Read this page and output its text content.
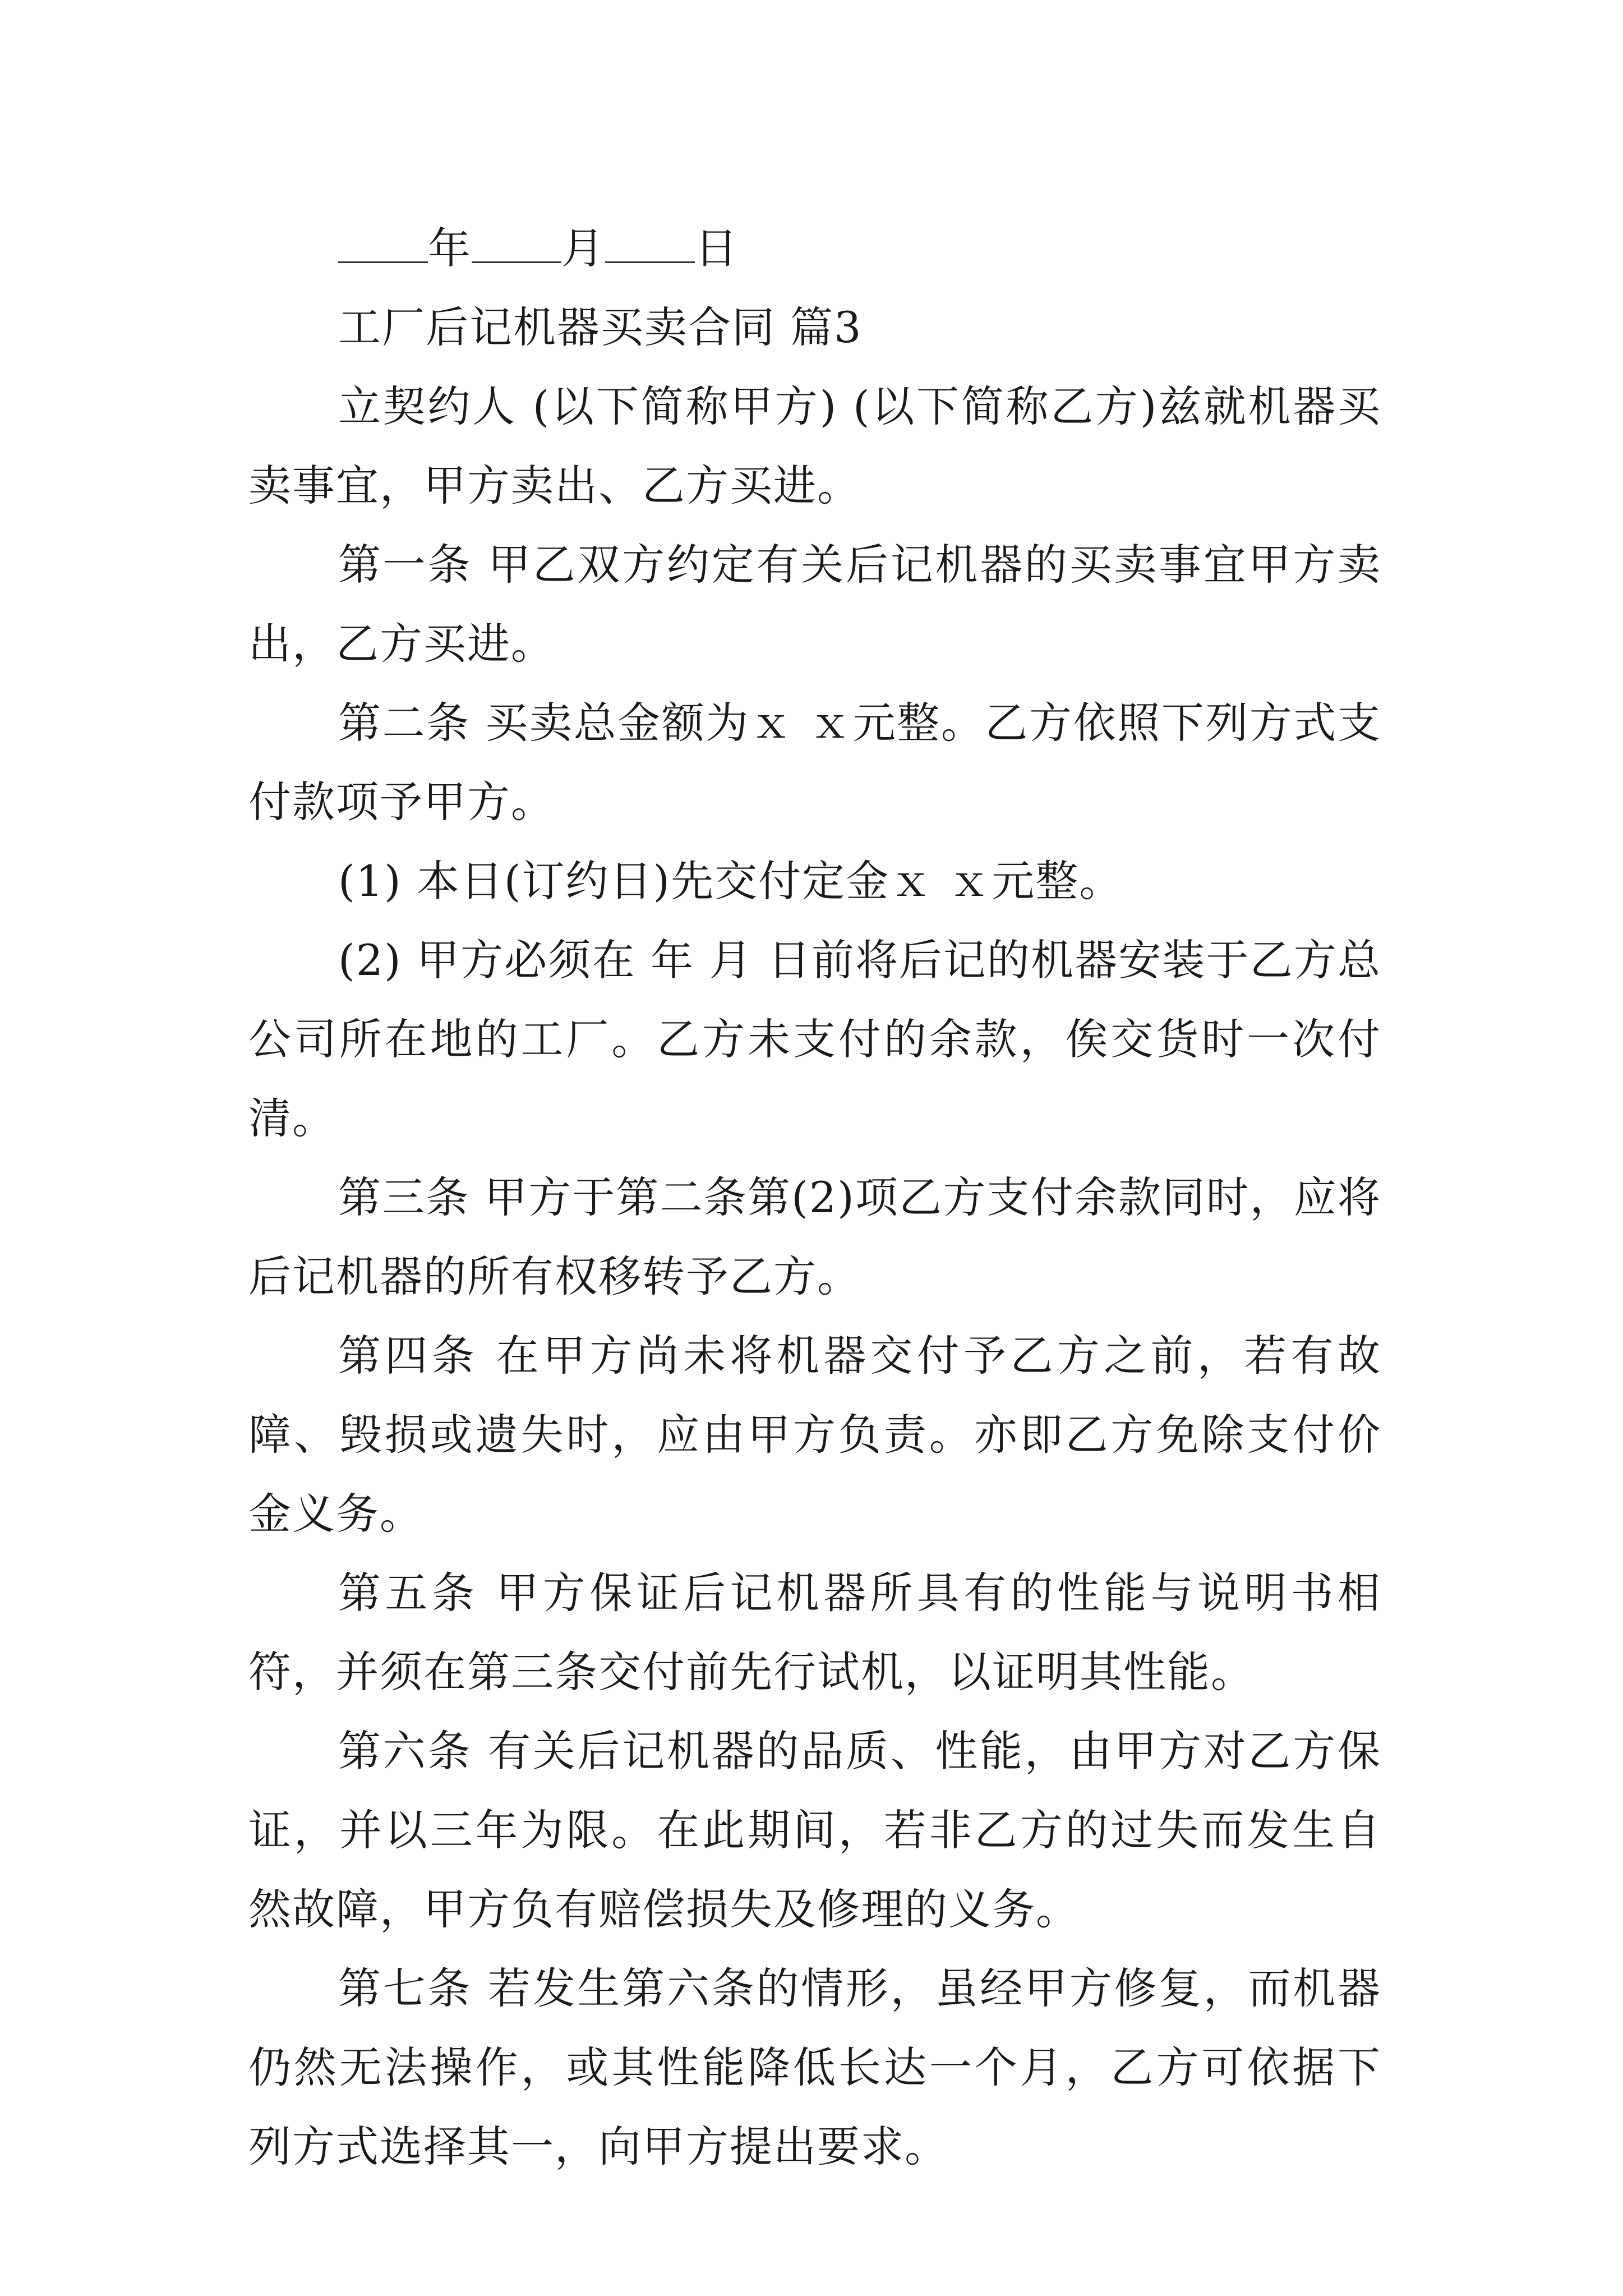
年 月 日

工厂后记机器买卖合同 篇3

立契约人 (以下简称甲方) (以下简称乙方)兹就机器买卖事宜，甲方卖出、乙方买进。

第一条 甲乙双方约定有关后记机器的买卖事宜甲方卖出，乙方买进。

第二条 买卖总金额为ｘ ｘ元整。乙方依照下列方式支付款项予甲方。

(1) 本日(订约日)先交付定金ｘ ｘ元整。

(2) 甲方必须在 年 月 日前将后记的机器安装于乙方总公司所在地的工厂。乙方未支付的余款，俟交货时一次付清。

第三条 甲方于第二条第(2)项乙方支付余款同时，应将后记机器的所有权移转予乙方。

第四条 在甲方尚未将机器交付予乙方之前，若有故障、毁损或遗失时，应由甲方负责。亦即乙方免除支付价金义务。

第五条 甲方保证后记机器所具有的性能与说明书相符，并须在第三条交付前先行试机，以证明其性能。

第六条 有关后记机器的品质、性能，由甲方对乙方保证，并以三年为限。在此期间，若非乙方的过失而发生自然故障，甲方负有赔偿损失及修理的义务。

第七条 若发生第六条的情形，虽经甲方修复，而机器仍然无法操作，或其性能降低长达一个月，乙方可依据下列方式选择其一，向甲方提出要求。
